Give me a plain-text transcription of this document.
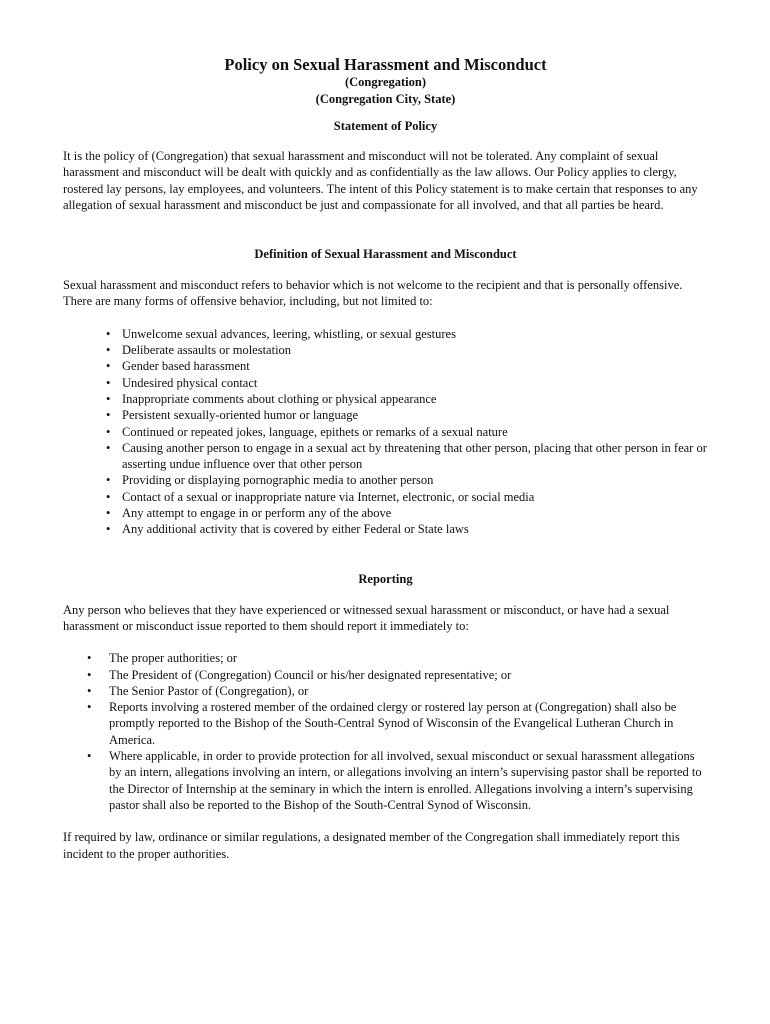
Policy on Sexual Harassment and Misconduct

(Congregation)

(Congregation City, State)

Statement of Policy

It is the policy of (Congregation) that sexual harassment and misconduct will not be tolerated. Any complaint of sexual harassment and misconduct will be dealt with quickly and as confidentially as the law allows. Our Policy applies to clergy, rostered lay persons, lay employees, and volunteers. The intent of this Policy statement is to make certain that responses to any allegation of sexual harassment and misconduct be just and compassionate for all involved, and that all parties be heard.

Definition of Sexual Harassment and Misconduct

Sexual harassment and misconduct refers to behavior which is not welcome to the recipient and that is personally offensive. There are many forms of offensive behavior, including, but not limited to:

• Unwelcome sexual advances, leering, whistling, or sexual gestures
• Deliberate assaults or molestation
• Gender based harassment
• Undesired physical contact
• Inappropriate comments about clothing or physical appearance
• Persistent sexually-oriented humor or language
• Continued or repeated jokes, language, epithets or remarks of a sexual nature
• Causing another person to engage in a sexual act by threatening that other person, placing that other person in fear or asserting undue influence over that other person
• Providing or displaying pornographic media to another person
• Contact of a sexual or inappropriate nature via Internet, electronic, or social media
• Any attempt to engage in or perform any of the above
• Any additional activity that is covered by either Federal or State laws
Reporting

Any person who believes that they have experienced or witnessed sexual harassment or misconduct, or have had a sexual harassment or misconduct issue reported to them should report it immediately to:

• The proper authorities; or
• The President of (Congregation) Council or his/her designated representative; or
• The Senior Pastor of (Congregation), or
• Reports involving a rostered member of the ordained clergy or rostered lay person at (Congregation) shall also be promptly reported to the Bishop of the South-Central Synod of Wisconsin of the Evangelical Lutheran Church in America.
• Where applicable, in order to provide protection for all involved, sexual misconduct or sexual harassment allegations by an intern, allegations involving an intern, or allegations involving an intern’s supervising pastor shall be reported to the Director of Internship at the seminary in which the intern is enrolled. Allegations involving a intern’s supervising pastor shall also be reported to the Bishop of the South-Central Synod of Wisconsin.

If required by law, ordinance or similar regulations, a designated member of the Congregation shall immediately report this incident to the proper authorities.
